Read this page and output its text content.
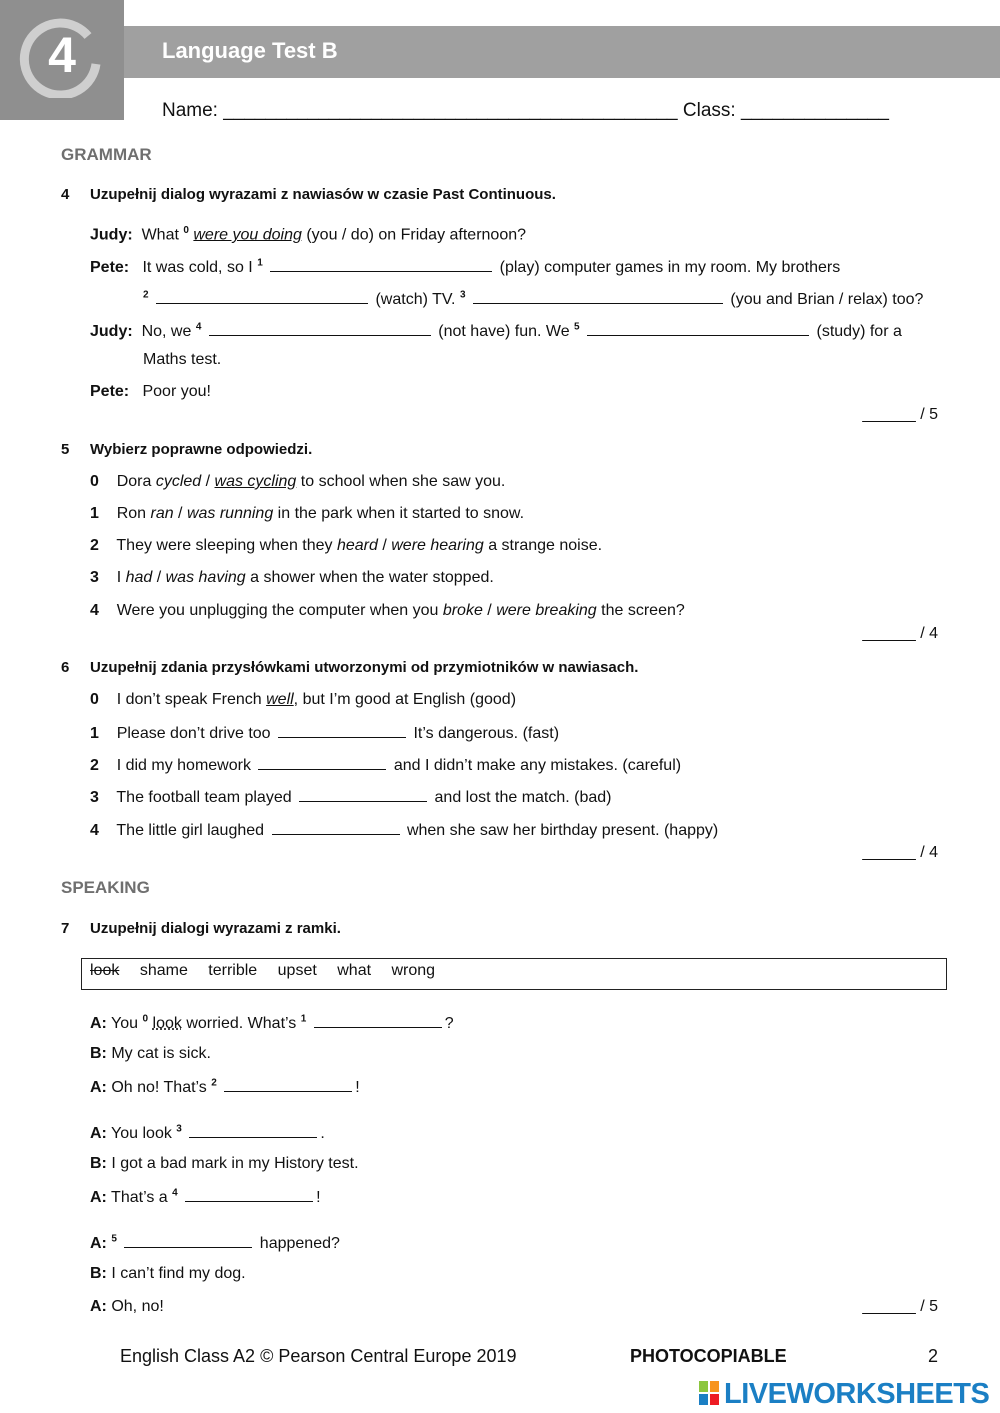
4	Language Test B
Name: ___________________________________________ Class: ______________
GRAMMAR
4 Uzupełnij dialog wyrazami z nawiasów w czasie Past Continuous.
Judy: What $^0$ were you doing (you / do) on Friday afternoon?
Pete: It was cold, so I $^1$	(play) computer games in my room. My brothers
$^2$	(watch) TV. $^3$	(you and Brian / relax) too?
Judy: No, we $^4$	(not have) fun. We $^5$	(study) for a
Maths test.
Pete: Poor you!
______ / 5
5 Wybierz poprawne odpowiedzi.
0 Dora cycled / was cycling to school when she saw you.
1 Ron ran / was running in the park when it started to snow.
2 They were sleeping when they heard / were hearing a strange noise.
3 I had / was having a shower when the water stopped.
4 Were you unplugging the computer when you broke / were breaking the screen?
______ / 4
6 Uzupełnij zdania przysłówkami utworzonymi od przymiotników w nawiasach.
0 I don’t speak French well, but I’m good at English (good)
1 Please don’t drive too	It’s dangerous. (fast)
2 I did my homework	and I didn’t make any mistakes. (careful)
3 The football team played	and lost the match. (bad)
4 The little girl laughed	when she saw her birthday present. (happy)
______ / 4
SPEAKING
7 Uzupełnij dialogi wyrazami z ramki.
look shame terrible upset what wrong
A: You $^0$ look worried. What’s $^1$	?
B: My cat is sick.
A: Oh no! That’s $^2$	!
A: You look $^3$	.
B: I got a bad mark in my History test.
A: That’s a $^4$	!
A: $^5$	happened?
B: I can’t find my dog.
A: Oh, no!	______ / 5
English Class A2 © Pearson Central Europe 2019	PHOTOCOPIABLE	2
LIVEWORKSHEETS
